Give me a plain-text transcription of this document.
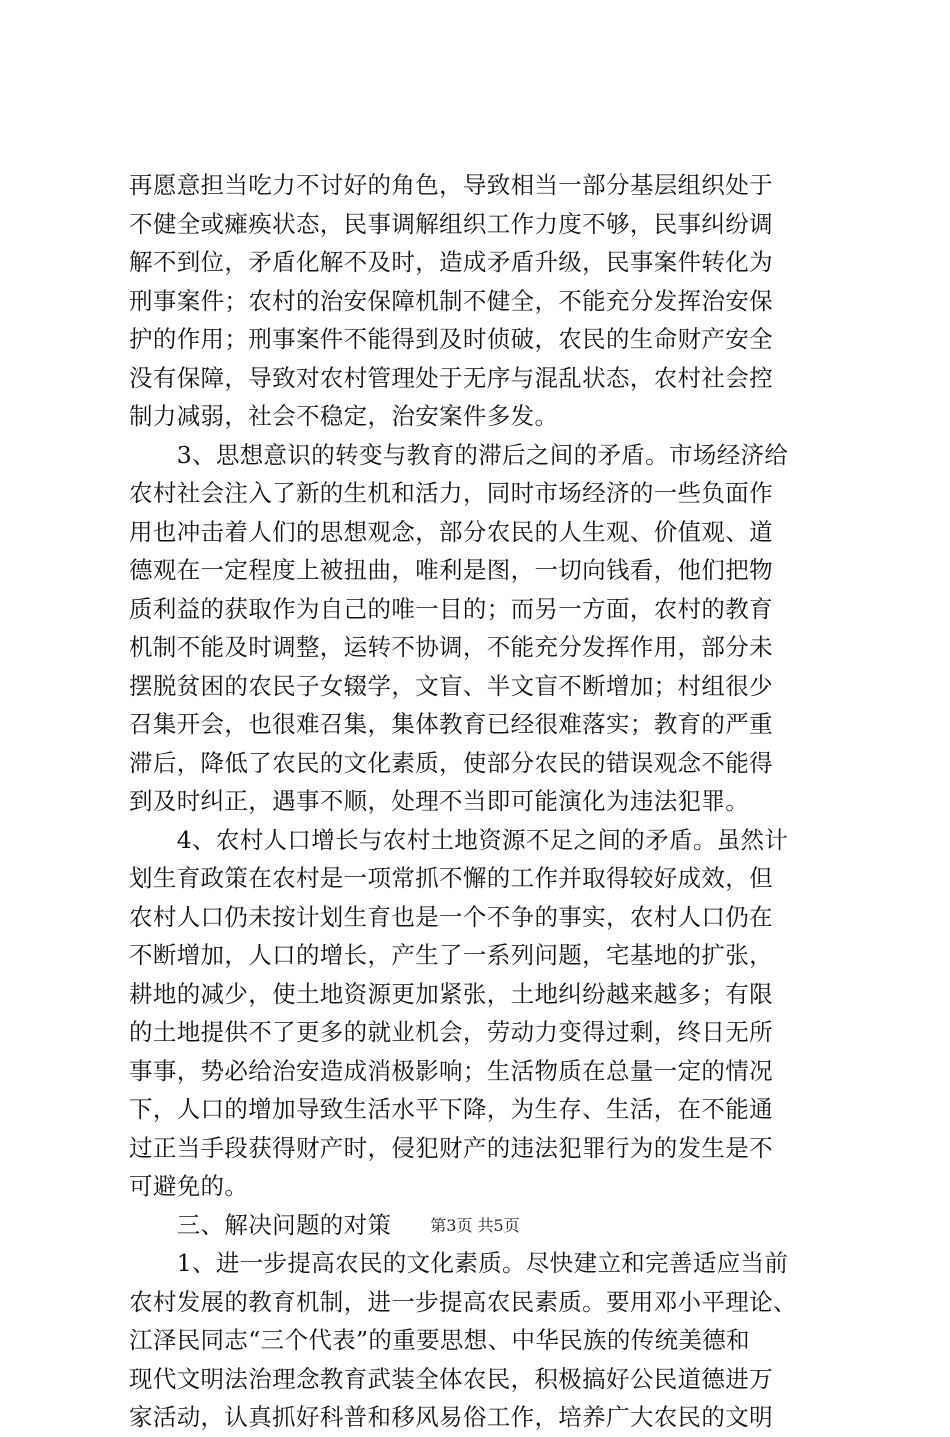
再愿意担当吃力不讨好的角色，导致相当一部分基层组织处于
不健全或瘫痪状态，民事调解组织工作力度不够，民事纠纷调
解不到位，矛盾化解不及时，造成矛盾升级，民事案件转化为
刑事案件；农村的治安保障机制不健全，不能充分发挥治安保
护的作用；刑事案件不能得到及时侦破，农民的生命财产安全
没有保障，导致对农村管理处于无序与混乱状态，农村社会控
制力减弱，社会不稳定，治安案件多发。
　　3、思想意识的转变与教育的滞后之间的矛盾。市场经济给
农村社会注入了新的生机和活力，同时市场经济的一些负面作
用也冲击着人们的思想观念，部分农民的人生观、价值观、道
德观在一定程度上被扭曲，唯利是图，一切向钱看，他们把物
质利益的获取作为自己的唯一目的；而另一方面，农村的教育
机制不能及时调整，运转不协调，不能充分发挥作用，部分未
摆脱贫困的农民子女辍学，文盲、半文盲不断增加；村组很少
召集开会，也很难召集，集体教育已经很难落实；教育的严重
滞后，降低了农民的文化素质，使部分农民的错误观念不能得
到及时纠正，遇事不顺，处理不当即可能演化为违法犯罪。
　　4、农村人口增长与农村土地资源不足之间的矛盾。虽然计
划生育政策在农村是一项常抓不懈的工作并取得较好成效，但
农村人口仍未按计划生育也是一个不争的事实，农村人口仍在
不断增加，人口的增长，产生了一系列问题，宅基地的扩张，
耕地的减少，使土地资源更加紧张，土地纠纷越来越多；有限
的土地提供不了更多的就业机会，劳动力变得过剩，终日无所
事事，势必给治安造成消极影响；生活物质在总量一定的情况
下，人口的增加导致生活水平下降，为生存、生活，在不能通
过正当手段获得财产时，侵犯财产的违法犯罪行为的发生是不
可避免的。
　　三、解决问题的对策
　　1、进一步提高农民的文化素质。尽快建立和完善适应当前
农村发展的教育机制，进一步提高农民素质。要用邓小平理论、
江泽民同志“三个代表”的重要思想、中华民族的传统美德和
现代文明法治理念教育武装全体农民，积极搞好公民道德进万
家活动，认真抓好科普和移风易俗工作，培养广大农民的文明
第3页 共5页
